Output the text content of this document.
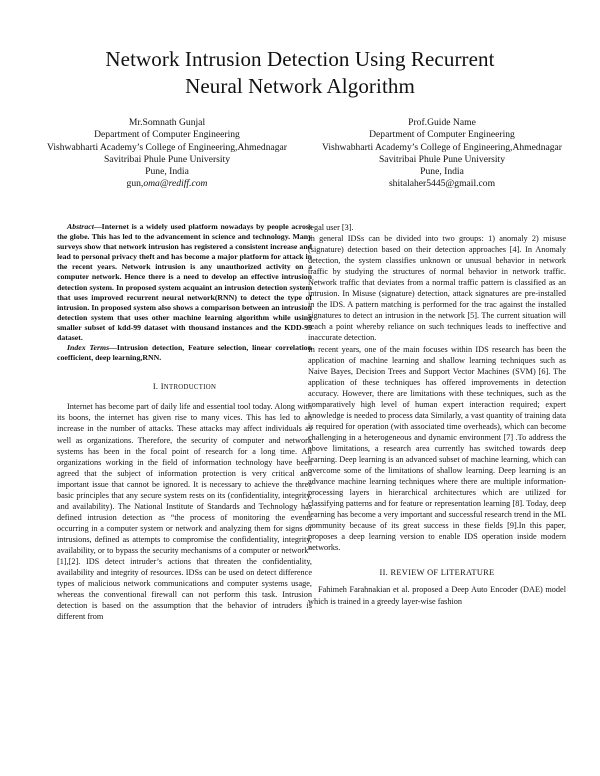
Network Intrusion Detection Using Recurrent
Neural Network Algorithm
Mr.Somnath Gunjal
Department of Computer Engineering
Vishwabharti Academy’s College of Engineering,Ahmednagar
Savitribai Phule Pune University
Pune, India
gun,oma@rediff.com
Prof.Guide Name
Department of Computer Engineering
Vishwabharti Academy’s College of Engineering,Ahmednagar
Savitribai Phule Pune University
Pune, India
shitalaher5445@gmail.com

Abstract—Internet is a widely used platform nowadays by people across the globe. This has led to the advancement in science and technology. Many surveys show that network intrusion has registered a consistent increase and lead to personal privacy theft and has become a major platform for attack in the recent years. Network intrusion is any unauthorized activity on a computer network. Hence there is a need to develop an effective intrusion detection system. In proposed system acquaint an intrusion detection system that uses improved recurrent neural network(RNN) to detect the type of intrusion. In proposed system also shows a comparison between an intrusion detection system that uses other machine learning algorithm while using smaller subset of kdd-99 dataset with thousand instances and the KDD-99 dataset.

Index Terms—Intrusion detection, Feature selection, linear correlation coefficient, deep learning,RNN.

I. INTRODUCTION

Internet has become part of daily life and essential tool today. Along with its boons, the internet has given rise to many vices. This has led to an increase in the number of attacks. These attacks may affect individuals as well as organizations. Therefore, the security of computer and network systems has been in the focal point of research for a long time. All organizations working in the field of information technology have been agreed that the subject of information protection is very critical and important issue that cannot be ignored. It is necessary to achieve the three basic principles that any secure system rests on its (confidentiality, integrity, and availability). The National Institute of Standards and Technology has defined intrusion detection as “the process of monitoring the events occurring in a computer system or network and analyzing them for signs of intrusions, defined as attempts to compromise the confidentiality, integrity, availability, or to bypass the security mechanisms of a computer or network” [1],[2]. IDS detect intruder’s actions that threaten the confidentiality, availability and integrity of resources. IDSs can be used on detect difference types of malicious network communications and computer systems usage, whereas the conventional firewall can not perform this task. Intrusion detection is based on the assumption that the behavior of intruders is different from

legal user [3].

In general IDSs can be divided into two groups: 1) anomaly 2) misuse (signature) detection based on their detection approaches [4]. In Anomaly detection, the system classifies unknown or unusual behavior in network traffic by studying the structures of normal behavior in network traffic. Network traffic that deviates from a normal traffic pattern is classified as an intrusion. In Misuse (signature) detection, attack signatures are pre-installed in the IDS. A pattern matching is performed for the trac against the installed signatures to detect an intrusion in the network [5]. The current situation will reach a point whereby reliance on such techniques leads to ineffective and inaccurate detection.

In recent years, one of the main focuses within IDS research has been the application of machine learning and shallow learning techniques such as Naive Bayes, Decision Trees and Support Vector Machines (SVM) [6]. The application of these techniques has offered improvements in detection accuracy. However, there are limitations with these techniques, such as the comparatively high level of human expert interaction required; expert knowledge is needed to process data Similarly, a vast quantity of training data is required for operation (with associated time overheads), which can become challenging in a heterogeneous and dynamic environment [7] .To address the above limitations, a research area currently has switched towards deep learning. Deep learning is an advanced subset of machine learning, which can overcome some of the limitations of shallow learning. Deep learning is an advance machine learning techniques where there are multiple information-processing layers in hierarchical architectures which are utilized for classifying patterns and for feature or representation learning [8]. Today, deep learning has become a very important and successful research trend in the ML community because of its great success in these fields [9].In this paper, proposes a deep learning version to enable IDS operation inside modern networks.

II. REVIEW OF LITERATURE

Fahimeh Farahnakian et al. proposed a Deep Auto Encoder (DAE) model which is trained in a greedy layer-wise fashion
